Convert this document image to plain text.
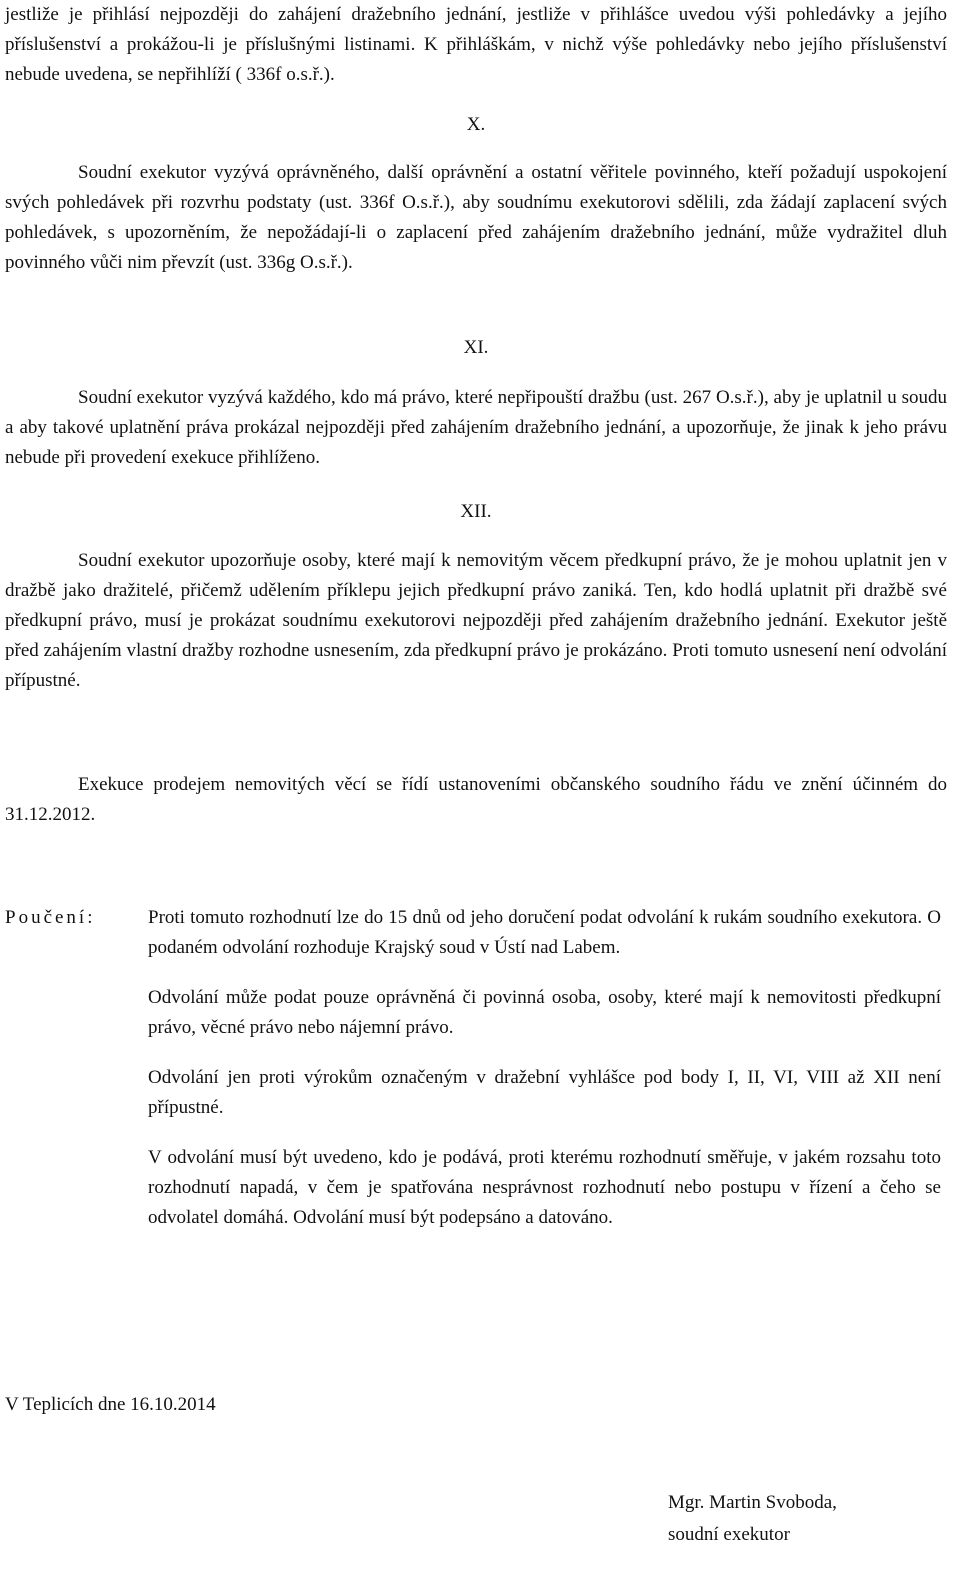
jestliže je přihlásí nejpozději do zahájení dražebního jednání, jestliže v přihlášce uvedou výši pohledávky a jejího příslušenství a prokážou-li je příslušnými listinami. K přihláškám, v nichž výše pohledávky nebo jejího příslušenství nebude uvedena, se nepřihlíží ( 336f o.s.ř.).

X.

Soudní exekutor vyzývá oprávněného, další oprávnění a ostatní věřitele povinného, kteří požadují uspokojení svých pohledávek při rozvrhu podstaty (ust. 336f O.s.ř.), aby soudnímu exekutorovi sdělili, zda žádají zaplacení svých pohledávek, s upozorněním, že nepožádají-li o zaplacení před zahájením dražebního jednání, může vydražitel dluh povinného vůči nim převzít (ust. 336g O.s.ř.).

XI.

Soudní exekutor vyzývá každého, kdo má právo, které nepřipouští dražbu (ust. 267 O.s.ř.), aby je uplatnil u soudu a aby takové uplatnění práva prokázal nejpozději před zahájením dražebního jednání, a upozorňuje, že jinak k jeho právu nebude při provedení exekuce přihlíženo.

XII.

Soudní exekutor upozorňuje osoby, které mají k nemovitým věcem předkupní právo, že je mohou uplatnit jen v dražbě jako dražitelé, přičemž udělením příklepu jejich předkupní právo zaniká. Ten, kdo hodlá uplatnit při dražbě své předkupní právo, musí je prokázat soudnímu exekutorovi nejpozději před zahájením dražebního jednání. Exekutor ještě před zahájením vlastní dražby rozhodne usnesením, zda předkupní právo je prokázáno. Proti tomuto usnesení není odvolání přípustné.

Exekuce prodejem nemovitých věcí se řídí ustanoveními občanského soudního řádu ve znění účinném do 31.12.2012.

Poučení:	Proti tomuto rozhodnutí lze do 15 dnů od jeho doručení podat odvolání k rukám soudního exekutora. O podaném odvolání rozhoduje Krajský soud v Ústí nad Labem.

Odvolání může podat pouze oprávněná či povinná osoba, osoby, které mají k nemovitosti předkupní právo, věcné právo nebo nájemní právo.

Odvolání jen proti výrokům označeným v dražební vyhlášce pod body I, II, VI, VIII až XII není přípustné.

V odvolání musí být uvedeno, kdo je podává, proti kterému rozhodnutí směřuje, v jakém rozsahu toto rozhodnutí napadá, v čem je spatřována nesprávnost rozhodnutí nebo postupu v řízení a čeho se odvolatel domáhá. Odvolání musí být podepsáno a datováno.

V Teplicích dne 16.10.2014

Mgr. Martin Svoboda,
soudní exekutor
